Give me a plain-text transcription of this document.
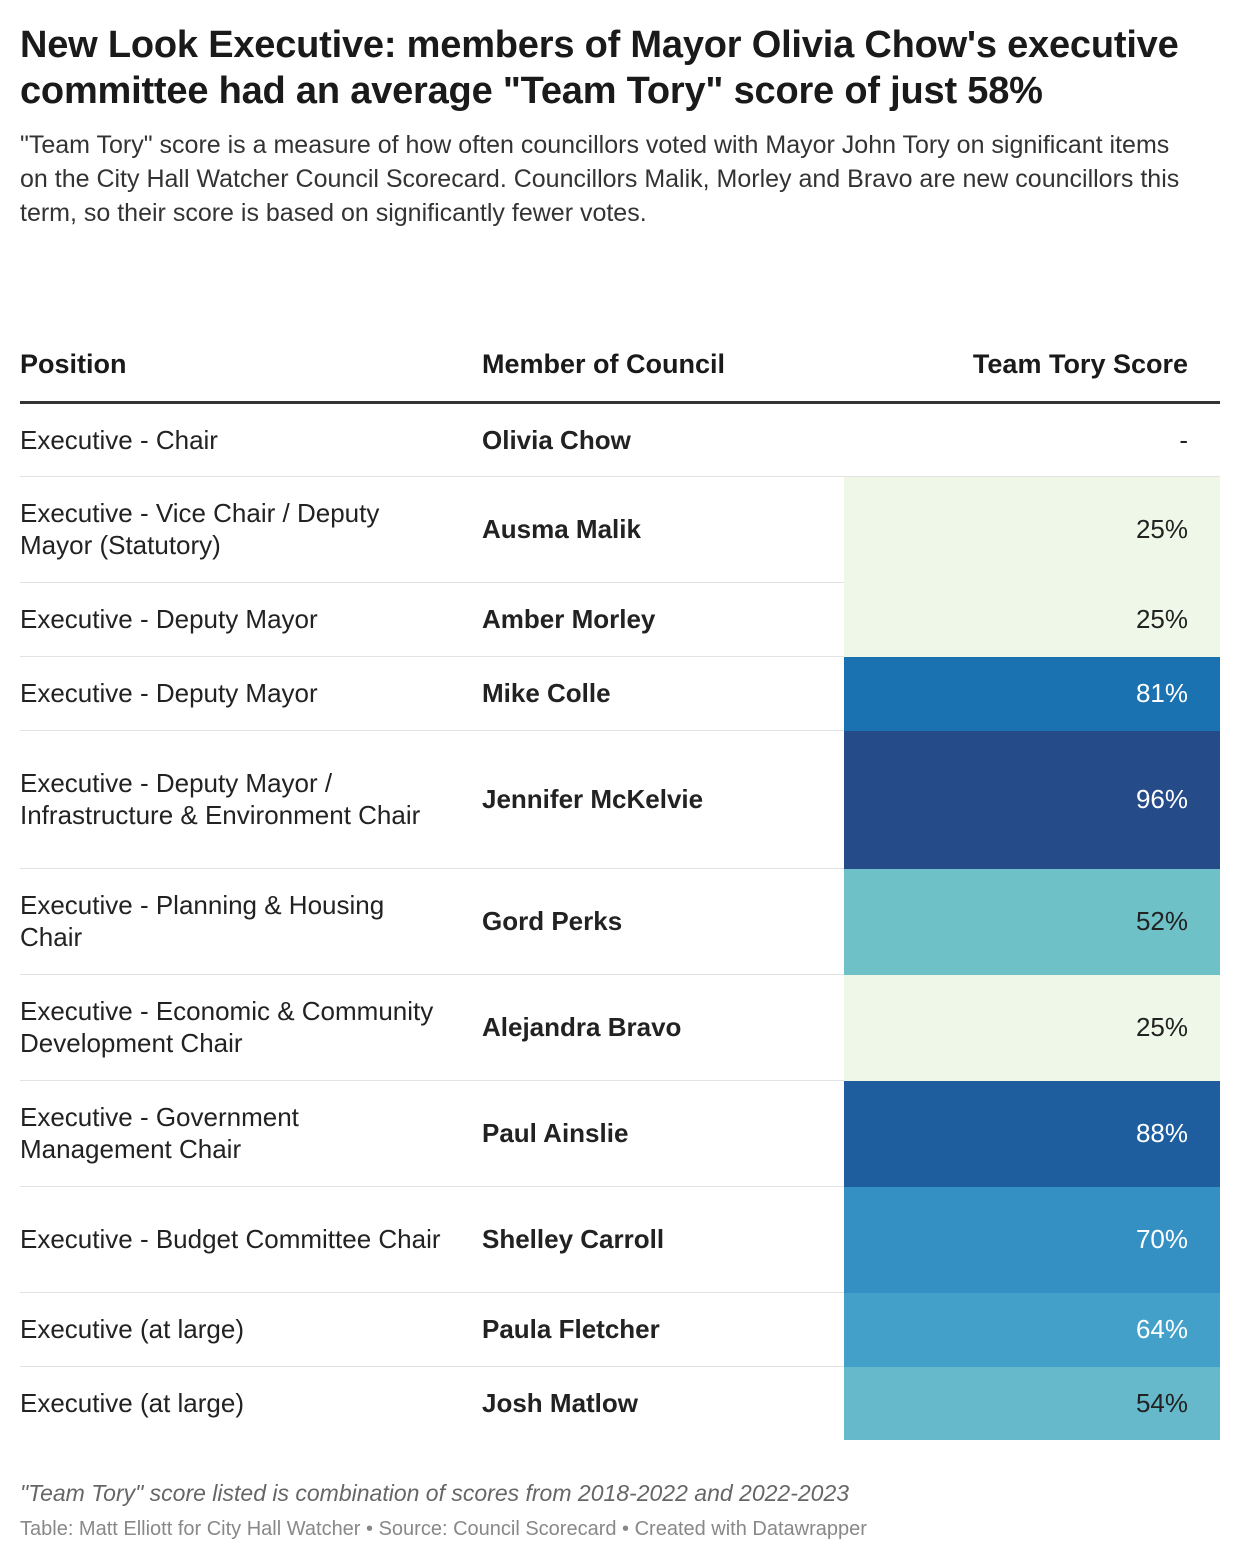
New Look Executive: members of Mayor Olivia Chow's executive committee had an average "Team Tory" score of just 58%

"Team Tory" score is a measure of how often councillors voted with Mayor John Tory on significant items on the City Hall Watcher Council Scorecard. Councillors Malik, Morley and Bravo are new councillors this term, so their score is based on significantly fewer votes.

Position	Member of Council	Team Tory Score
Executive - Chair	Olivia Chow	-
Executive - Vice Chair / Deputy Mayor (Statutory)	Ausma Malik	25%
Executive - Deputy Mayor	Amber Morley	25%
Executive - Deputy Mayor	Mike Colle	81%
Executive - Deputy Mayor / Infrastructure & Environment Chair	Jennifer McKelvie	96%
Executive - Planning & Housing Chair	Gord Perks	52%
Executive - Economic & Community Development Chair	Alejandra Bravo	25%
Executive - Government Management Chair	Paul Ainslie	88%
Executive - Budget Committee Chair	Shelley Carroll	70%
Executive (at large)	Paula Fletcher	64%
Executive (at large)	Josh Matlow	54%

"Team Tory" score listed is combination of scores from 2018-2022 and 2022-2023

Table: Matt Elliott for City Hall Watcher • Source: Council Scorecard • Created with Datawrapper
